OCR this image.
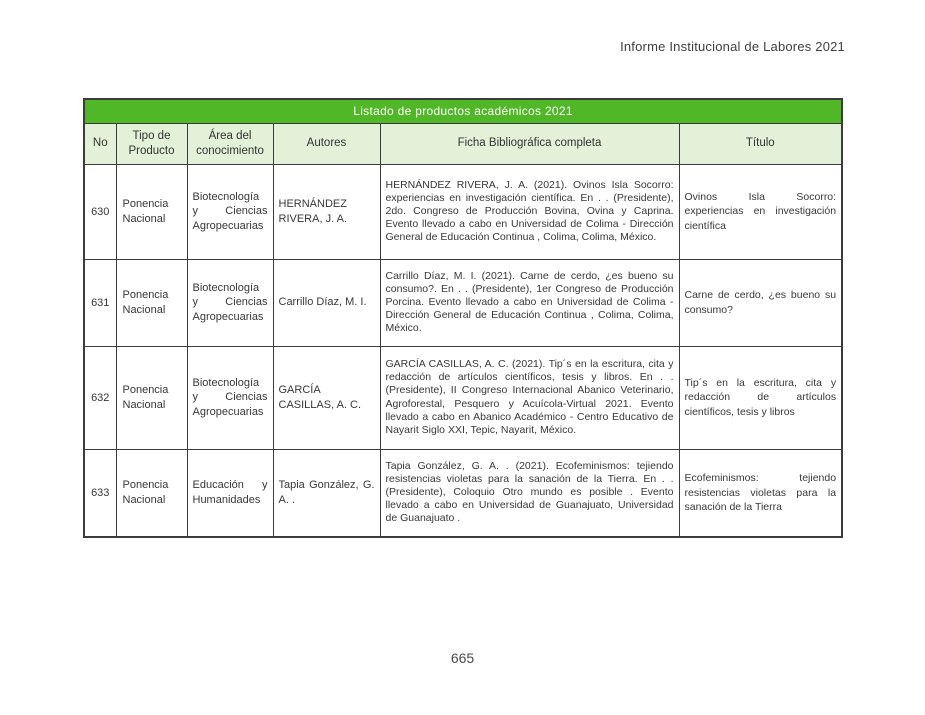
Informe Institucional de Labores 2021
Listado de productos académicos 2021					
No	Tipo de Producto	Área del conocimiento	Autores	Ficha Bibliográfica completa	Título
630	Ponencia Nacional	Biotecnología y Ciencias Agropecuarias	HERNÁNDEZ RIVERA, J. A.	HERNÁNDEZ RIVERA, J. A. (2021). Ovinos Isla Socorro: experiencias en investigación científica. En . . (Presidente), 2do. Congreso de Producción Bovina, Ovina y Caprina. Evento llevado a cabo en Universidad de Colima - Dirección General de Educación Continua , Colima, Colima, México.	Ovinos Isla Socorro: experiencias en investigación científica
631	Ponencia Nacional	Biotecnología y Ciencias Agropecuarias	Carrillo Díaz, M. I.	Carrillo Díaz, M. I. (2021). Carne de cerdo, ¿es bueno su consumo?. En . . (Presidente), 1er Congreso de Producción Porcina. Evento llevado a cabo en Universidad de Colima - Dirección General de Educación Continua , Colima, Colima, México.	Carne de cerdo, ¿es bueno su consumo?
632	Ponencia Nacional	Biotecnología y Ciencias Agropecuarias	GARCÍA CASILLAS, A. C.	GARCÍA CASILLAS, A. C. (2021). Tip´s en la escritura, cita y redacción de artículos científicos, tesis y libros. En . . (Presidente), II Congreso Internacional Abanico Veterinario, Agroforestal, Pesquero y Acuícola-Virtual 2021. Evento llevado a cabo en Abanico Académico - Centro Educativo de Nayarit Siglo XXI, Tepic, Nayarit, México.	Tip´s en la escritura, cita y redacción de artículos científicos, tesis y libros
633	Ponencia Nacional	Educación y Humanidades	Tapia González, G. A. .	Tapia González, G. A. . (2021). Ecofeminismos: tejiendo resistencias violetas para la sanación de la Tierra. En . . (Presidente), Coloquio Otro mundo es posible . Evento llevado a cabo en Universidad de Guanajuato, Universidad de Guanajuato .	Ecofeminismos: tejiendo resistencias violetas para la sanación de la Tierra
665
